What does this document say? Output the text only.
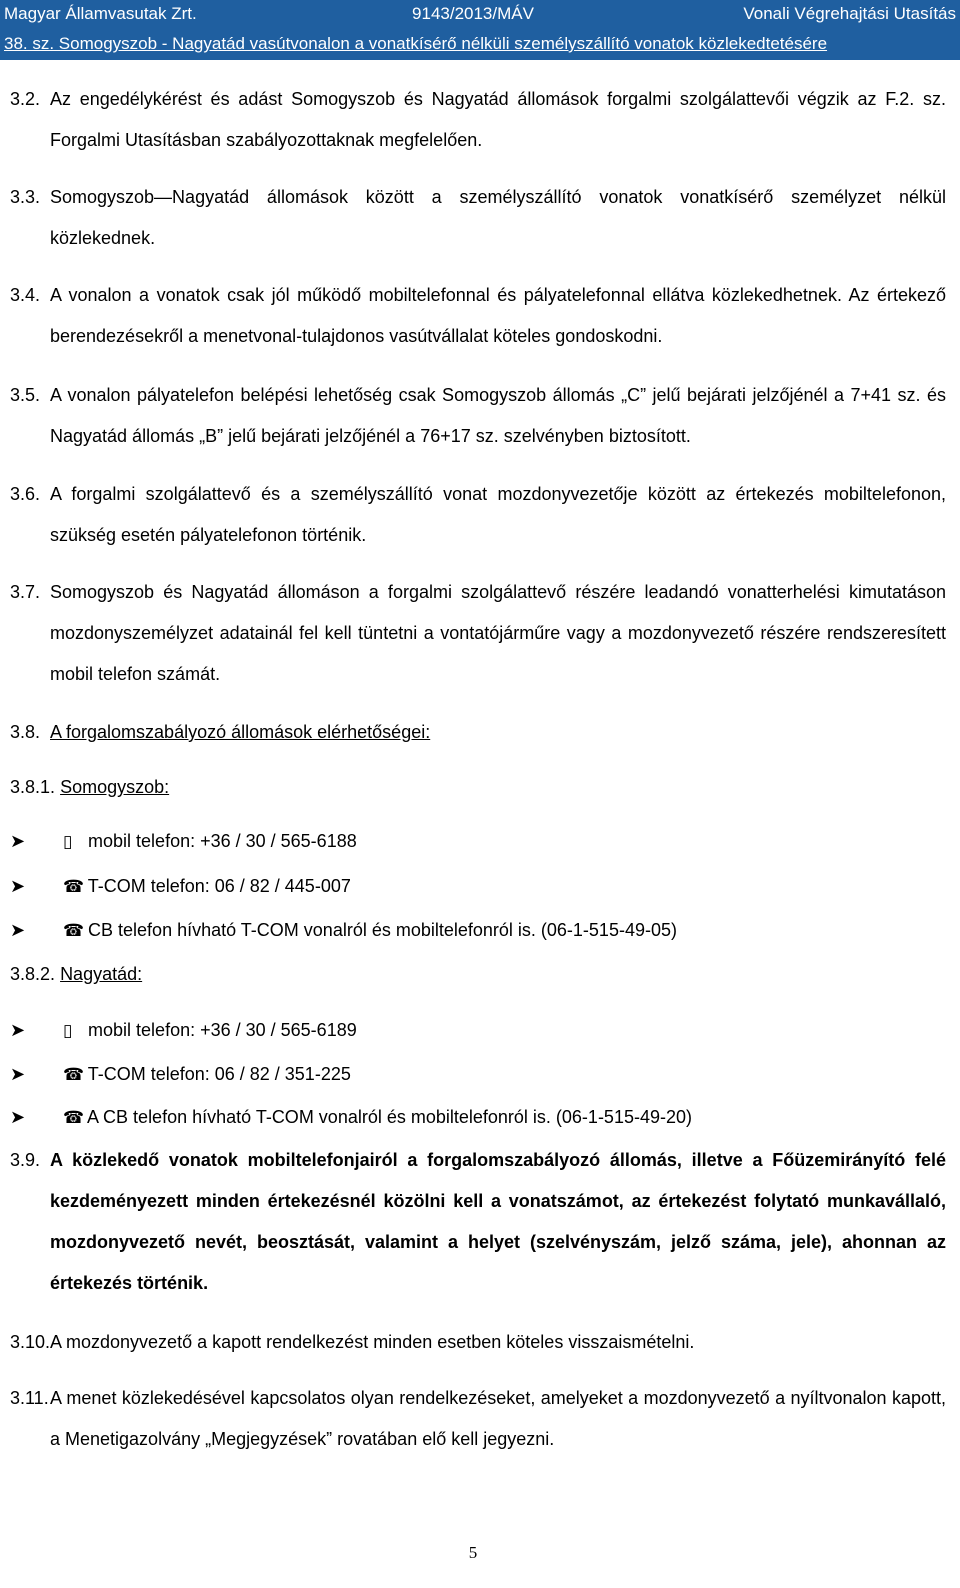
Magyar Államvasutak Zrt.	9143/2013/MÁV	Vonali Végrehajtási Utasítás
38. sz. Somogyszob - Nagyatád vasútvonalon a vonatkísérő nélküli személyszállító vonatok közlekedtetésére
3.2. Az engedélykérést és adást Somogyszob és Nagyatád állomások forgalmi szolgálattevői végzik az F.2. sz. Forgalmi Utasításban szabályozottaknak megfelelően.
3.3. Somogyszob—Nagyatád állomások között a személyszállító vonatok vonatkísérő személyzet nélkül közlekednek.
3.4. A vonalon a vonatok csak jól működő mobiltelefonnal és pályatelefonnal ellátva közlekedhetnek. Az értekező berendezésekről a menetvonal-tulajdonos vasútvállalat köteles gondoskodni.
3.5. A vonalon pályatelefon belépési lehetőség csak Somogyszob állomás „C” jelű bejárati jelzőjénél a 7+41 sz. és Nagyatád állomás „B” jelű bejárati jelzőjénél a 76+17 sz. szelvényben biztosított.
3.6. A forgalmi szolgálattevő és a személyszállító vonat mozdonyvezetője között az értekezés mobiltelefonon, szükség esetén pályatelefonon történik.
3.7. Somogyszob és Nagyatád állomáson a forgalmi szolgálattevő részére leadandó vonatterhelési kimutatáson mozdonyszemélyzet adatainál fel kell tüntetni a vontatójárműre vagy a mozdonyvezető részére rendszeresített mobil telefon számát.
3.8. A forgalomszabályozó állomások elérhetőségei:
3.8.1. Somogyszob:
➤ ▯ mobil telefon: +36 / 30 / 565-6188
➤ ☎ T-COM telefon: 06 / 82 / 445-007
➤ ☎ CB telefon hívható T-COM vonalról és mobiltelefonról is. (06-1-515-49-05)
3.8.2. Nagyatád:
➤ ▯ mobil telefon: +36 / 30 / 565-6189
➤ ☎ T-COM telefon: 06 / 82 / 351-225
➤ ☎ A CB telefon hívható T-COM vonalról és mobiltelefonról is. (06-1-515-49-20)
3.9. A közlekedő vonatok mobiltelefonjairól a forgalomszabályozó állomás, illetve a Főüzemirányító felé kezdeményezett minden értekezésnél közölni kell a vonatszámot, az értekezést folytató munkavállaló, mozdonyvezető nevét, beosztását, valamint a helyet (szelvényszám, jelző száma, jele), ahonnan az értekezés történik.
3.10. A mozdonyvezető a kapott rendelkezést minden esetben köteles visszaismételni.
3.11. A menet közlekedésével kapcsolatos olyan rendelkezéseket, amelyeket a mozdonyvezető a nyíltvonalon kapott, a Menetigazolvány „Megjegyzések” rovatában elő kell jegyezni.
5
